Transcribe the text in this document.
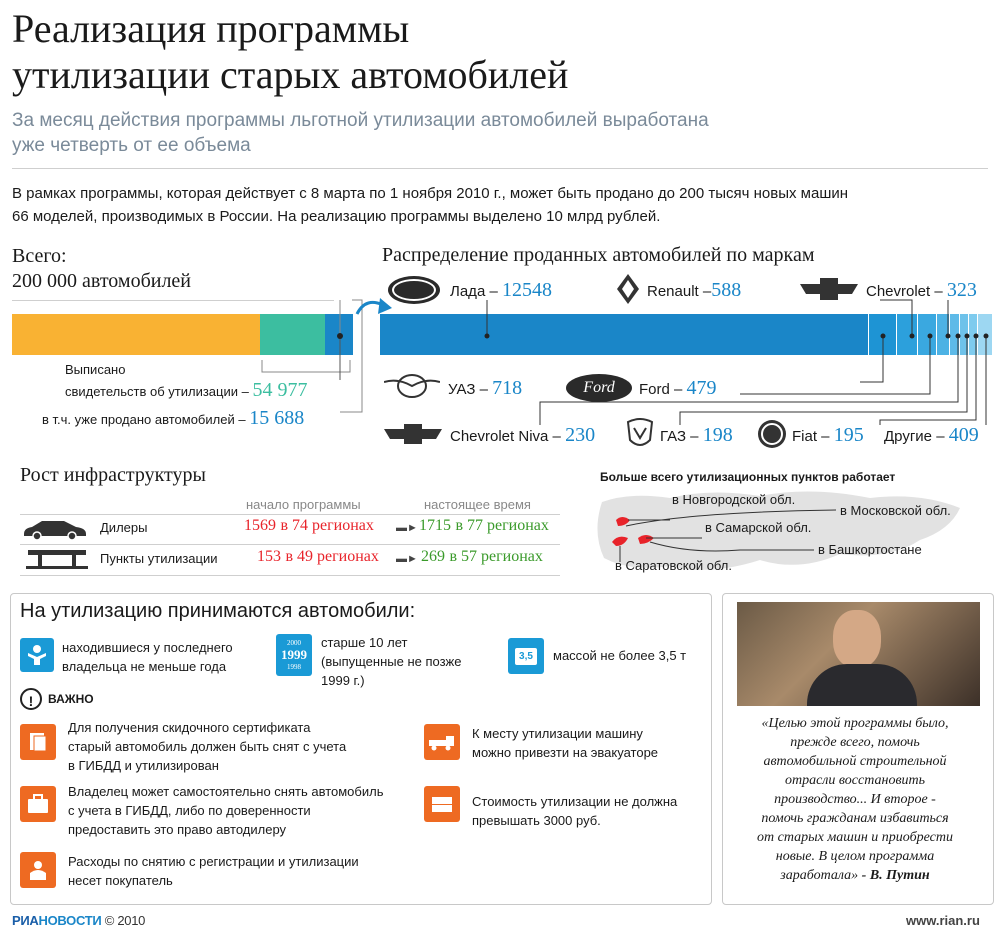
Реализация программы
утилизации старых автомобилей
За месяц действия программы льготной утилизации автомобилей выработана
уже четверть от ее объема
В рамках программы, которая действует с 8 марта по 1 ноября 2010 г., может быть продано до 200 тысяч новых машин
66 моделей, производимых в России. На реализацию программы выделено 10 млрд рублей.
Всего:
200 000 автомобилей
Выписано
свидетельств об утилизации – 54 977
в т.ч. уже продано автомобилей – 15 688
Распределение проданных автомобилей по маркам
Лада – 12548	Renault –588	Chevrolet – 323
УАЗ – 718	Ford Ford – 479
Chevrolet Niva – 230	ГАЗ – 198	Fiat – 195 Другие – 409
Рост инфраструктуры
начало программы	настоящее время
Дилеры	1569 в 74 регионах ▬► 1715 в 77 регионах
Пункты утилизации 153 в 49 регионах ▬► 269 в 57 регионах
Больше всего утилизационных пунктов работает
в Новгородской обл.
в Московской обл.
в Самарской обл.
в Башкортостане
в Саратовской обл.
На утилизацию принимаются автомобили:
находившиеся у последнего
владельца не меньше года
2000
1999
1998
старше 10 лет
(выпущенные не позже
1999 г.)
3,5	массой не более 3,5 т
!	ВАЖНО
Для получения скидочного сертификата
старый автомобиль должен быть снят с учета
в ГИБДД и утилизирован
К месту утилизации машину
можно привезти на эвакуаторе
Владелец может самостоятельно снять автомобиль
с учета в ГИБДД, либо по доверенности
предоставить это право автодилеру
Стоимость утилизации не должна
превышать 3000 руб.
Расходы по снятию с регистрации и утилизации
несет покупатель
«Целью этой программы было,
прежде всего, помочь
автомобильной строительной
отрасли восстановить
производство... И второе -
помочь гражданам избавиться
от старых машин и приобрести
новые. В целом программа
заработала» - В. Путин
РИАНОВОСТИ © 2010	www.rian.ru
